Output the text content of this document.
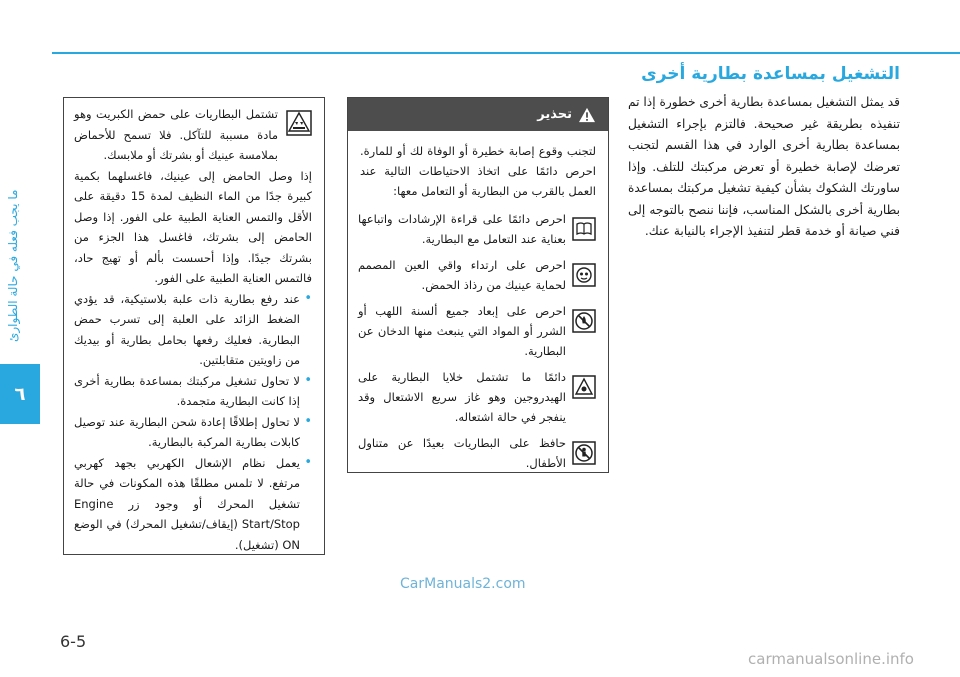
ما يجب فعله في حالة الطوارئ
٦
التشغيل بمساعدة بطارية أخرى
قد يمثل التشغيل بمساعدة بطارية أخرى خطورة إذا تم تنفيذه بطريقة غير صحيحة. فالتزم بإجراء التشغيل بمساعدة بطارية أخرى الوارد في هذا القسم لتجنب تعرضك لإصابة خطيرة أو تعرض مركبتك للتلف. وإذا ساورتك الشكوك بشأن كيفية تشغيل مركبتك بمساعدة بطارية أخرى بالشكل المناسب، فإننا ننصح بالتوجه إلى فني صيانة أو خدمة قطر لتنفيذ الإجراء بالنيابة عنك.
تحذير
لتجنب وقوع إصابة خطيرة أو الوفاة لك أو للمارة. احرص دائمًا على اتخاذ الاحتياطات التالية عند العمل بالقرب من البطارية أو التعامل معها:
احرص دائمًا على قراءة الإرشادات واتباعها بعناية عند التعامل مع البطارية.
احرص على ارتداء واقي العين المصمم لحماية عينيك من رذاذ الحمض.
احرص على إبعاد جميع ألسنة اللهب أو الشرر أو المواد التي ينبعث منها الدخان عن البطارية.
دائمًا ما تشتمل خلايا البطارية على الهيدروجين وهو غاز سريع الاشتعال وقد ينفجر في حالة اشتعاله.
حافظ على البطاريات بعيدًا عن متناول الأطفال.
تشتمل البطاريات على حمض الكبريت وهو مادة مسببة للتآكل. فلا تسمح للأحماض بملامسة عينيك أو بشرتك أو ملابسك.
إذا وصل الحامض إلى عينيك، فاغسلهما بكمية كبيرة جدًا من الماء النظيف لمدة 15 دقيقة على الأقل والتمس العناية الطبية على الفور. إذا وصل الحامض إلى بشرتك، فاغسل هذا الجزء من بشرتك جيدًا. وإذا أحسست بألم أو تهيج حاد، فالتمس العناية الطبية على الفور.
• عند رفع بطارية ذات علبة بلاستيكية، قد يؤدي الضغط الزائد على العلبة إلى تسرب حمض البطارية. فعليك رفعها بحامل بطارية أو بيديك من زاويتين متقابلتين.
• لا تحاول تشغيل مركبتك بمساعدة بطارية أخرى إذا كانت البطارية متجمدة.
• لا تحاول إطلاقًا إعادة شحن البطارية عند توصيل كابلات بطارية المركبة بالبطارية.
• يعمل نظام الإشعال الكهربي بجهد كهربي مرتفع. لا تلمس مطلقًا هذه المكونات في حالة تشغيل المحرك أو وجود زر Engine Start/Stop (إيقاف/تشغيل المحرك) في الوضع ON (تشغيل).
CarManuals2.com
carmanualsonline.info
6-5
